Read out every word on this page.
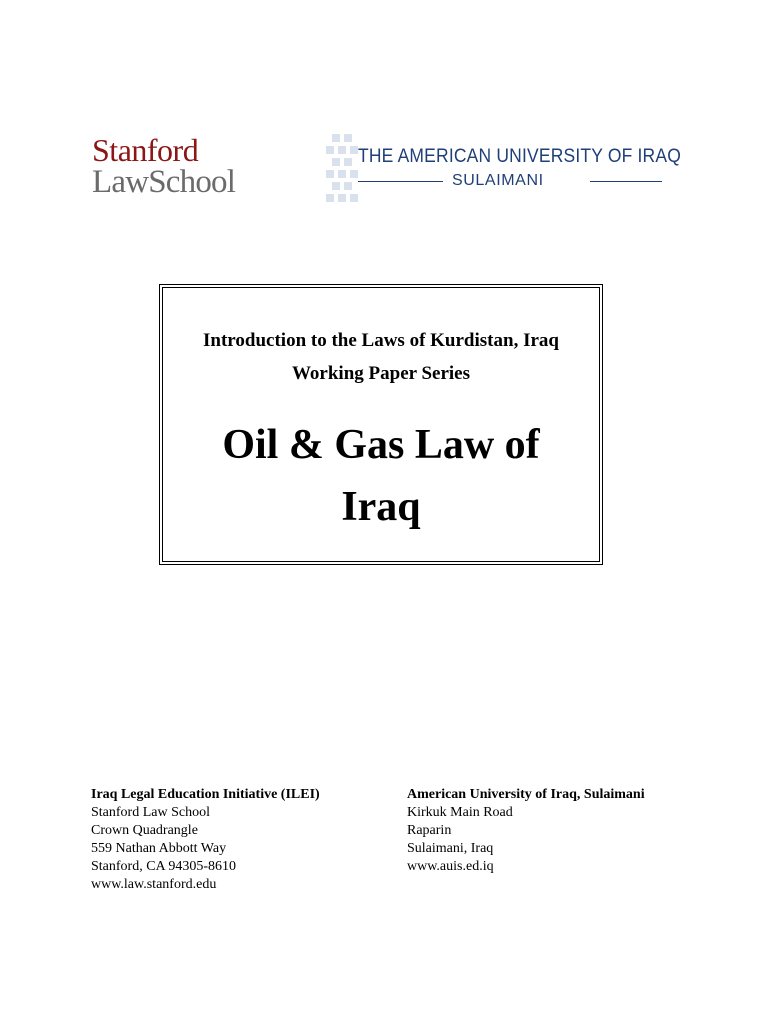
Stanford
LawSchool
THE AMERICAN UNIVERSITY OF IRAQ
SULAIMANI
Introduction to the Laws of Kurdistan, Iraq
Working Paper Series
Oil & Gas Law of
Iraq
Iraq Legal Education Initiative (ILEI)
Stanford Law School
Crown Quadrangle
559 Nathan Abbott Way
Stanford, CA 94305-8610
www.law.stanford.edu
American University of Iraq, Sulaimani
Kirkuk Main Road
Raparin
Sulaimani, Iraq
www.auis.ed.iq
